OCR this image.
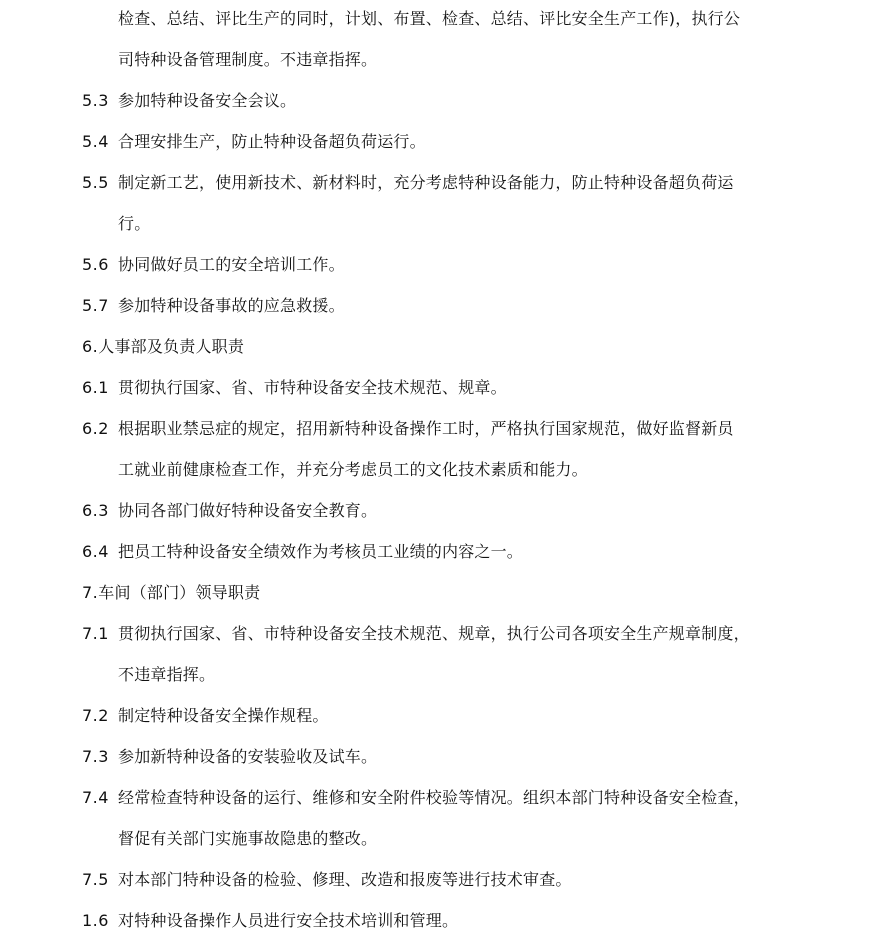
检查、总结、评比生产的同时，计划、布置、检查、总结、评比安全生产工作)，执行公
司特种设备管理制度。不违章指挥。
5.3 参加特种设备安全会议。
5.4 合理安排生产，防止特种设备超负荷运行。
5.5 制定新工艺，使用新技术、新材料时，充分考虑特种设备能力，防止特种设备超负荷运
行。
5.6 协同做好员工的安全培训工作。
5.7 参加特种设备事故的应急救援。
6.人事部及负责人职责
6.1 贯彻执行国家、省、市特种设备安全技术规范、规章。
6.2 根据职业禁忌症的规定，招用新特种设备操作工时，严格执行国家规范，做好监督新员
工就业前健康检查工作，并充分考虑员工的文化技术素质和能力。
6.3 协同各部门做好特种设备安全教育。
6.4 把员工特种设备安全绩效作为考核员工业绩的内容之一。
7.车间（部门）领导职责
7.1 贯彻执行国家、省、市特种设备安全技术规范、规章，执行公司各项安全生产规章制度，
不违章指挥。
7.2 制定特种设备安全操作规程。
7.3 参加新特种设备的安装验收及试车。
7.4 经常检查特种设备的运行、维修和安全附件校验等情况。组织本部门特种设备安全检查，
督促有关部门实施事故隐患的整改。
7.5 对本部门特种设备的检验、修理、改造和报废等进行技术审查。
1.6 对特种设备操作人员进行安全技术培训和管理。
